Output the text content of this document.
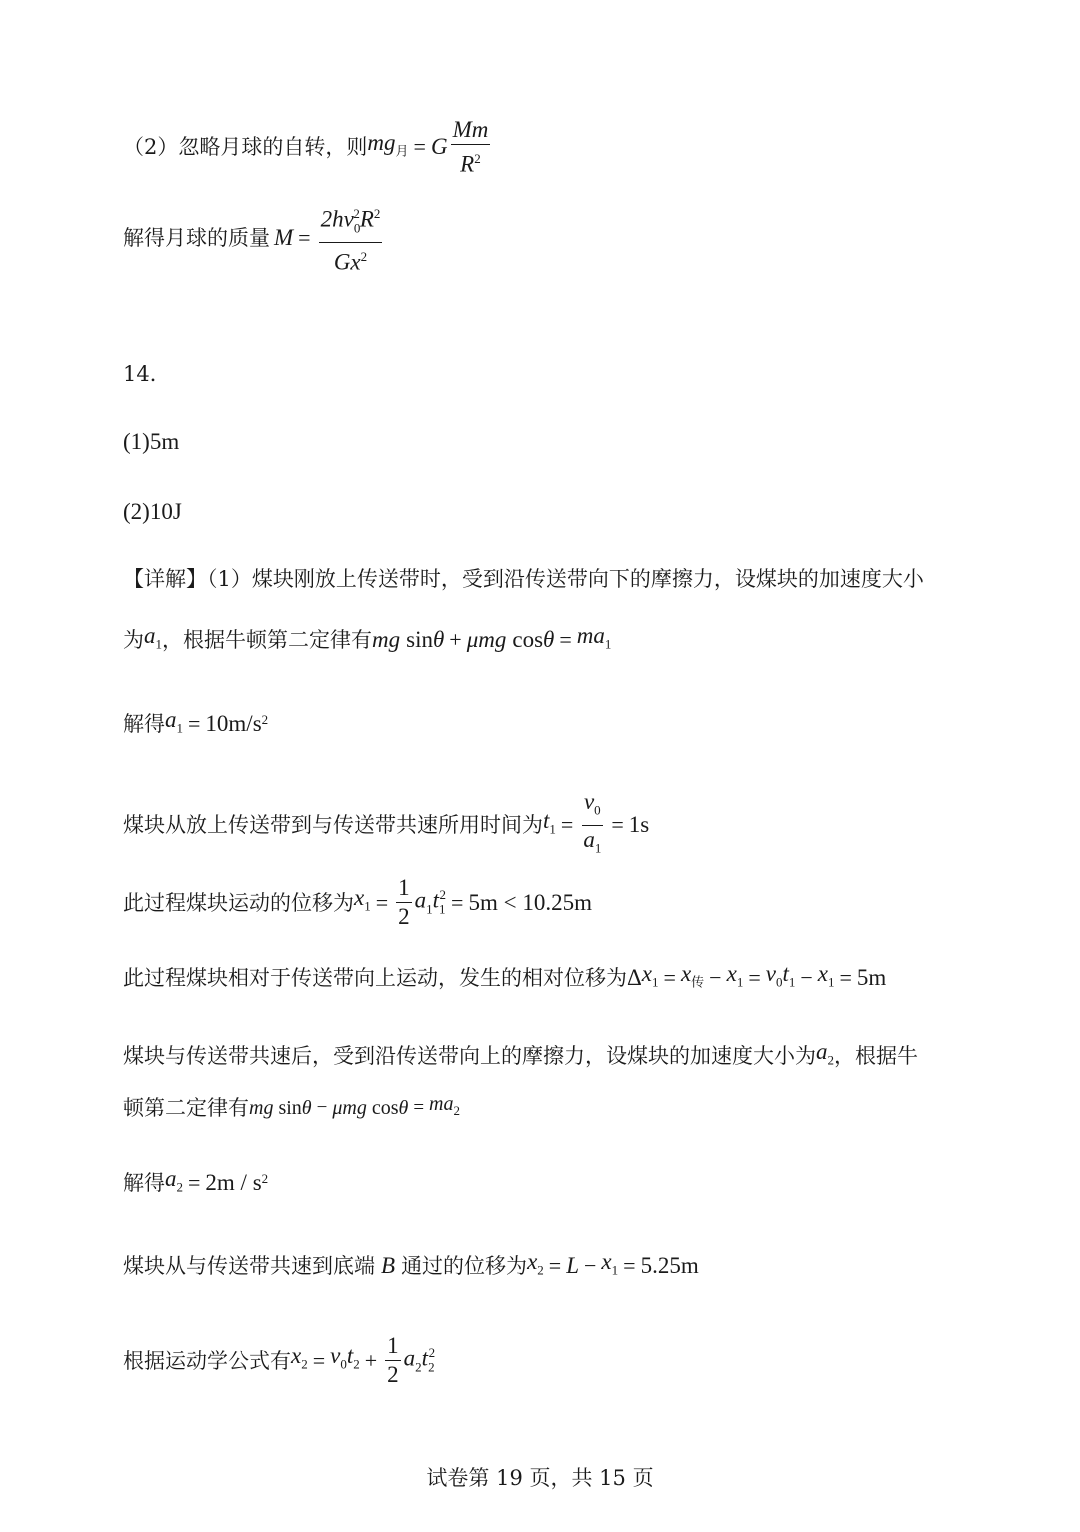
（2）忽略月球的自转，则 $mg_月 = G \frac{Mm}{R^2}$
解得月球的质量 $M = \frac{2hv_0^2R^2}{Gx^2}$
14．
(1)5m
(2)10J
【详解】（1）煤块刚放上传送带时，受到沿传送带向下的摩擦力，设煤块的加速度大小
为 $a_1$ ，根据牛顿第二定律有 mg sin θ + μmg $\cos \theta = ma_1$
解得 $a_1 = 10m/s^2$
煤块从放上传送带到与传送带共速所用时间为 $t_1 = \frac{v_0}{a_1} = 1s$
此过程煤块运动的位移为 $x_1 = \frac{1}{2} a_1t_1^2 = 5m < 10.25m$
此过程煤块相对于传送带向上运动，发生的相对位移为 Δ $x_1 = x_传 - x_1 = v_0t_1 - x_1 = 5m$
煤块与传送带共速后，受到沿传送带向上的摩擦力，设煤块的加速度大小为 $a_2$ ，根据牛
顿第二定律有 mg sin θ − μmg $\cos \theta = ma_2$
解得 $a_2 = 2m / s^2$
煤块从与传送带共速到底端 B 通过的位移为 $x_2 = L - x_1 = 5.25m$
根据运动学公式有 $x_2 = v_0t_2 + \frac{1}{2} a_2t_2^2$
试卷第 19 页，共 15 页
